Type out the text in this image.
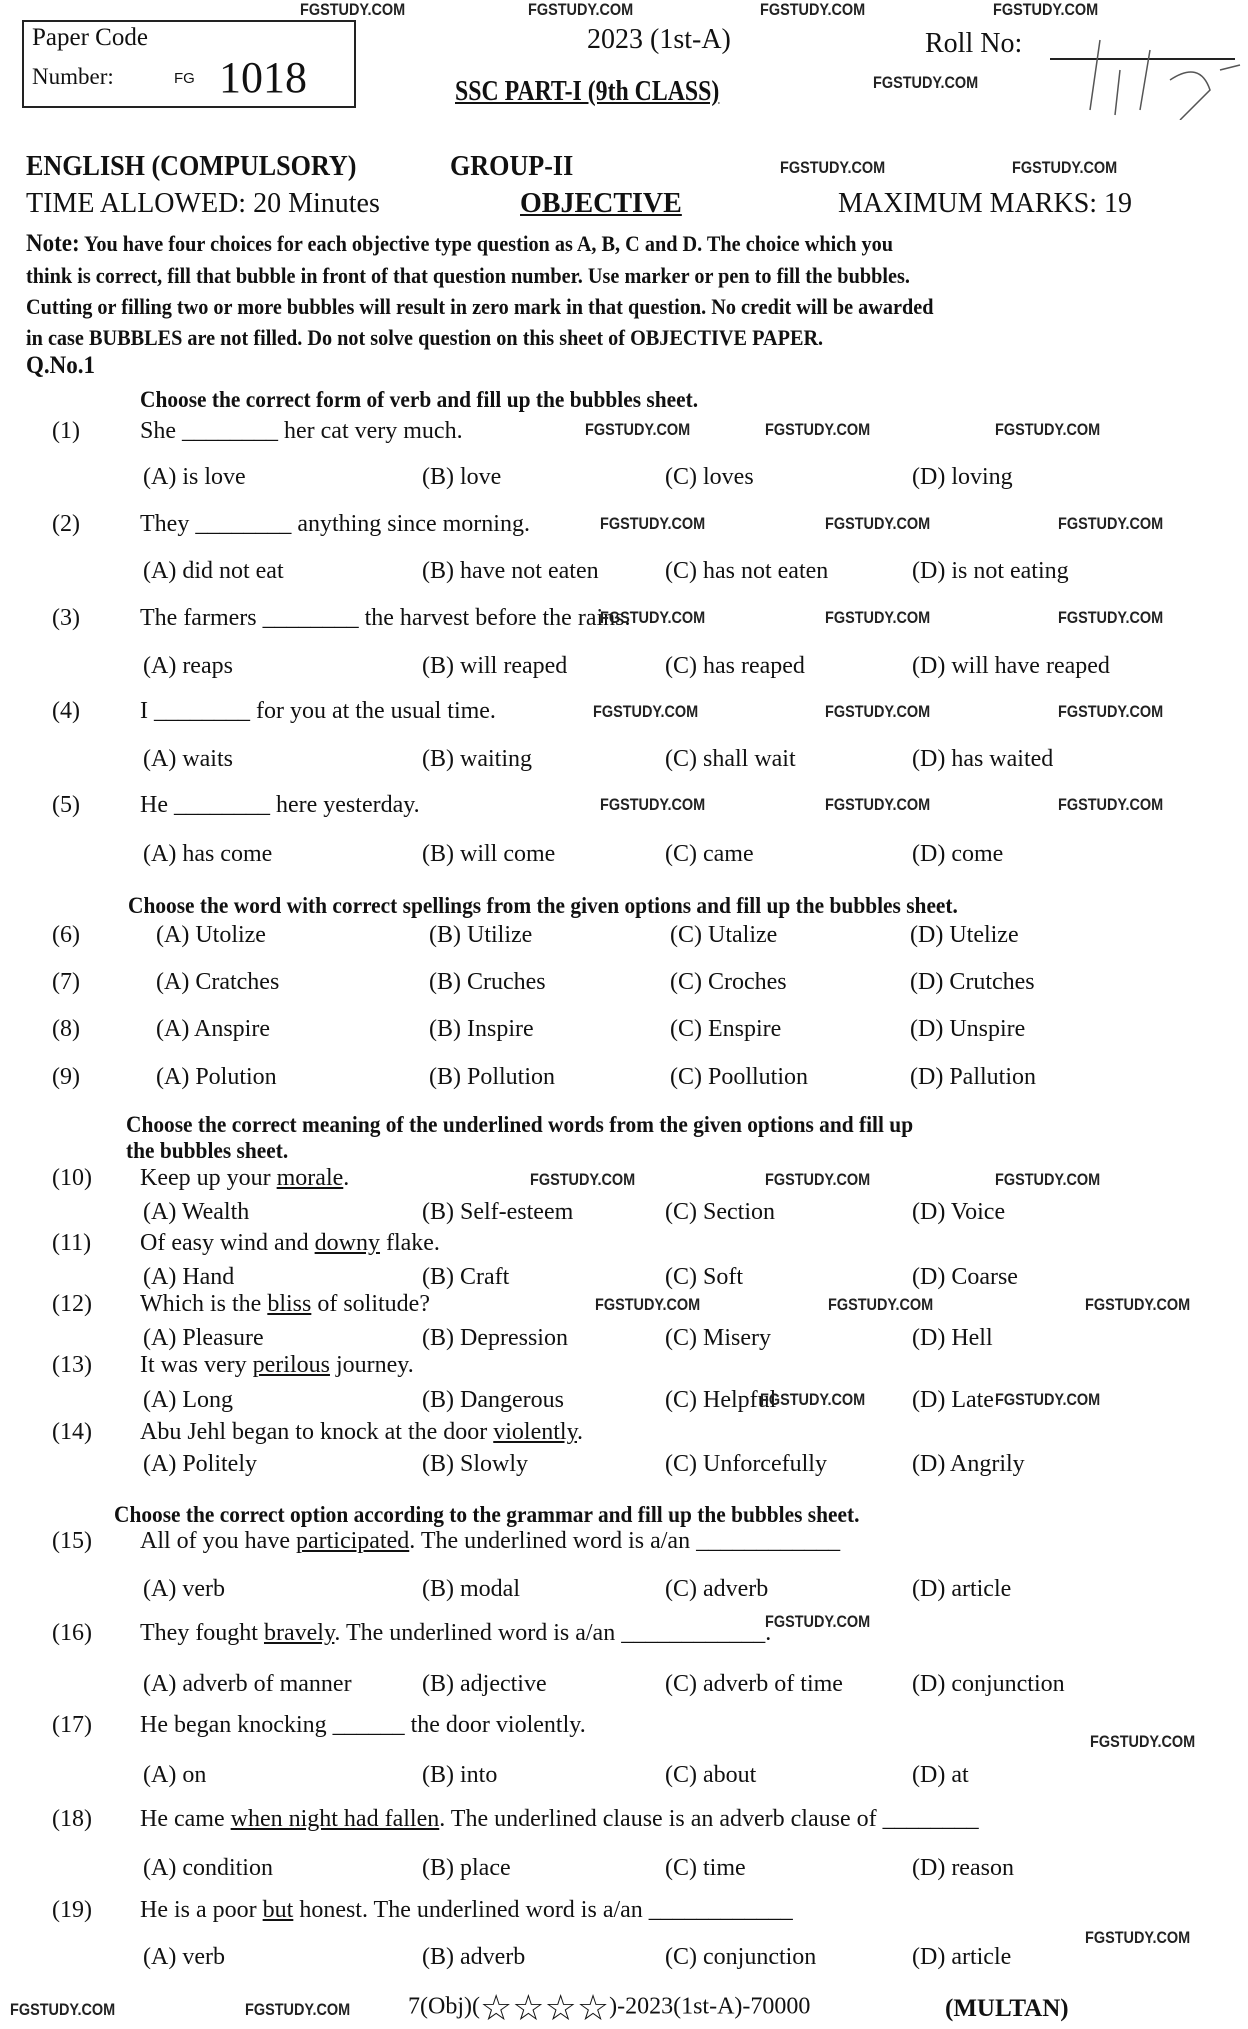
Paper Code
Number:	FG 1018
2023 (1st-A)	Roll No:
SSC PART-I (9th CLASS)
FGSTUDY.COM	FGSTUDY.COM	FGSTUDY.COM	FGSTUDY.COM
FGSTUDY.COM
ENGLISH (COMPULSORY)	GROUP-II	FGSTUDY.COM	FGSTUDY.COM
TIME ALLOWED: 20 Minutes	OBJECTIVE	MAXIMUM MARKS: 19
Note: You have four choices for each objective type question as A, B, C and D. The choice which you
think is correct, fill that bubble in front of that question number. Use marker or pen to fill the bubbles.
Cutting or filling two or more bubbles will result in zero mark in that question. No credit will be awarded
in case BUBBLES are not filled. Do not solve question on this sheet of OBJECTIVE PAPER.
Q.No.1
Choose the correct form of verb and fill up the bubbles sheet.
Choose the word with correct spellings from the given options and fill up the bubbles sheet.
Choose the correct meaning of the underlined words from the given options and fill up
the bubbles sheet.
Choose the correct option according to the grammar and fill up the bubbles sheet.
(1)	She ________ her cat very much.
(A) is love	(B) love	(C) loves	(D) loving
(2)	They ________ anything since morning.
(A) did not eat	(B) have not eaten	(C) has not eaten	(D) is not eating
(3)	The farmers ________ the harvest before the rains.
(A) reaps	(B) will reaped	(C) has reaped	(D) will have reaped
(4)	I ________ for you at the usual time.
(A) waits	(B) waiting	(C) shall wait	(D) has waited
(5)	He ________ here yesterday.
(A) has come	(B) will come	(C) came	(D) come
(6)	(A) Utolize	(B) Utilize	(C) Utalize	(D) Utelize
(7)	(A) Cratches	(B) Cruches	(C) Croches	(D) Crutches
(8)	(A) Anspire	(B) Inspire	(C) Enspire	(D) Unspire
(9)	(A) Polution	(B) Pollution	(C) Poollution	(D) Pallution
(10) Keep up your morale.
(A) Wealth	(B) Self-esteem	(C) Section	(D) Voice
(11) Of easy wind and downy flake.
(A) Hand	(B) Craft	(C) Soft	(D) Coarse
(12) Which is the bliss of solitude?
(A) Pleasure	(B) Depression	(C) Misery	(D) Hell
(13) It was very perilous journey.
(A) Long	(B) Dangerous	(C) Helpful	(D) Late
(14) Abu Jehl began to knock at the door violently.
(A) Politely	(B) Slowly	(C) Unforcefully	(D) Angrily
(15) All of you have participated. The underlined word is a/an ____________
(A) verb	(B) modal	(C) adverb	(D) article
(16) They fought bravely. The underlined word is a/an ____________.
(A) adverb of manner	(B) adjective	(C) adverb of time	(D) conjunction
(17) He began knocking ______ the door violently.
(A) on	(B) into	(C) about	(D) at
(18) He came when night had fallen. The underlined clause is an adverb clause of ________
(A) condition	(B) place	(C) time	(D) reason
(19) He is a poor but honest. The underlined word is a/an ____________
(A) verb	(B) adverb	(C) conjunction	(D) article
FGSTUDY.COM	FGSTUDY.COM	FGSTUDY.COM
FGSTUDY.COM	FGSTUDY.COM	FGSTUDY.COM
FGSTUDY.COM	FGSTUDY.COM	FGSTUDY.COM
FGSTUDY.COM	FGSTUDY.COM	FGSTUDY.COM
FGSTUDY.COM	FGSTUDY.COM	FGSTUDY.COM
FGSTUDY.COM	FGSTUDY.COM	FGSTUDY.COM
FGSTUDY.COM	FGSTUDY.COM	FGSTUDY.COM
FGSTUDY.COM	FGSTUDY.COM
FGSTUDY.COM
FGSTUDY.COM
FGSTUDY.COM
FGSTUDY.COM	FGSTUDY.COM 7(Obj)(☆☆☆☆)-2023(1st-A)-70000	(MULTAN)
